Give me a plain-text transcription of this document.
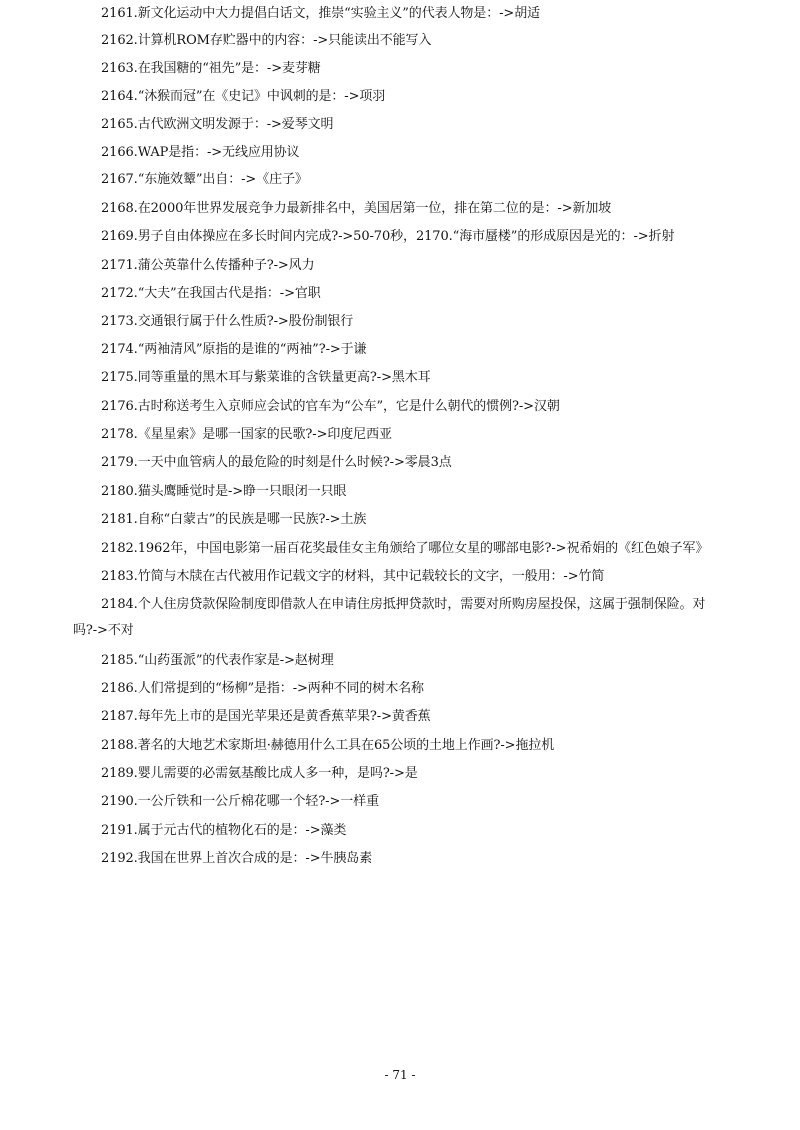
2161.新文化运动中大力提倡白话文，推崇“实验主义”的代表人物是：->胡适
2162.计算机ROM存贮器中的内容：->只能读出不能写入
2163.在我国糖的“祖先”是：->麦芽糖
2164.“沐猴而冠”在《史记》中讽刺的是：->项羽
2165.古代欧洲文明发源于：->爱琴文明
2166.WAP是指：->无线应用协议
2167.“东施效颦”出自：->《庄子》
2168.在2000年世界发展竞争力最新排名中，美国居第一位，排在第二位的是：->新加坡
2169.男子自由体操应在多长时间内完成?->50-70秒，2170.“海市蜃楼”的形成原因是光的：->折射
2171.蒲公英靠什么传播种子?->风力
2172.“大夫”在我国古代是指：->官职
2173.交通银行属于什么性质?->股份制银行
2174.“两袖清风”原指的是谁的“两袖”?->于谦
2175.同等重量的黑木耳与紫菜谁的含铁量更高?->黑木耳
2176.古时称送考生入京师应会试的官车为“公车”，它是什么朝代的惯例?->汉朝
2178.《星星索》是哪一国家的民歌?->印度尼西亚
2179.一天中血管病人的最危险的时刻是什么时候?->零晨3点
2180.猫头鹰睡觉时是->睁一只眼闭一只眼
2181.自称“白蒙古”的民族是哪一民族?->土族
2182.1962年，中国电影第一届百花奖最佳女主角颁给了哪位女星的哪部电影?->祝希娟的《红色娘子军》
2183.竹简与木牍在古代被用作记载文字的材料，其中记载较长的文字，一般用：->竹简
2184.个人住房贷款保险制度即借款人在申请住房抵押贷款时，需要对所购房屋投保，这属于强制保险。对
吗?->不对
2185.“山药蛋派”的代表作家是->赵树理
2186.人们常提到的“杨柳”是指：->两种不同的树木名称
2187.每年先上市的是国光苹果还是黄香蕉苹果?->黄香蕉
2188.著名的大地艺术家斯坦·赫德用什么工具在65公顷的土地上作画?->拖拉机
2189.婴儿需要的必需氨基酸比成人多一种，是吗?->是
2190.一公斤铁和一公斤棉花哪一个轻?->一样重
2191.属于元古代的植物化石的是：->藻类
2192.我国在世界上首次合成的是：->牛胰岛素
- 71 -
